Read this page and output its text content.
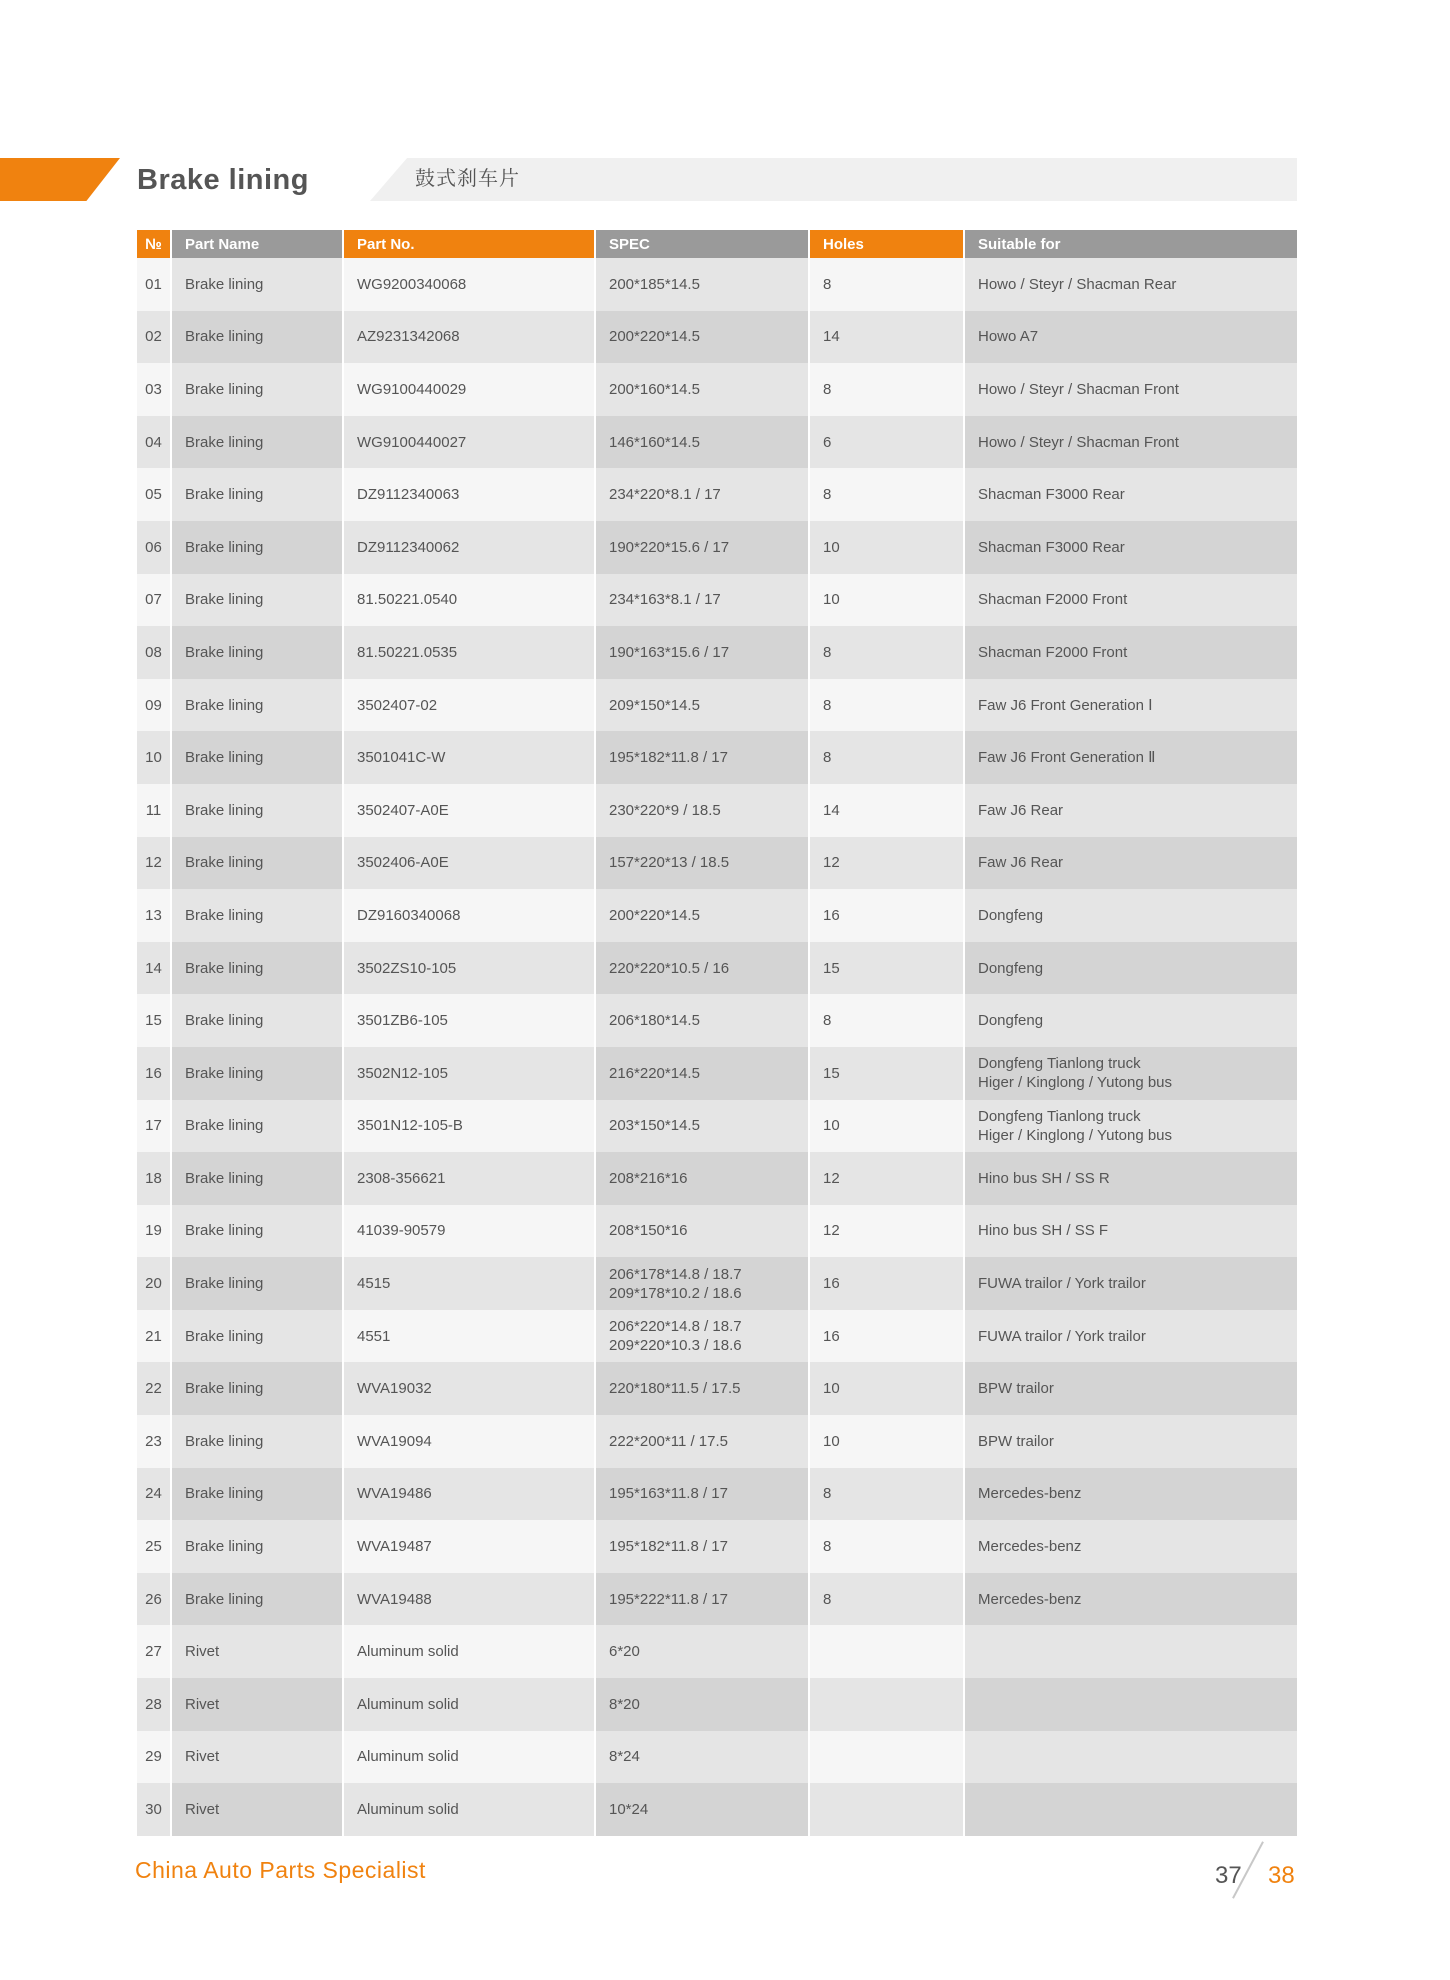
Brake lining	鼓式刹车片
№	Part Name	Part No.	SPEC	Holes	Suitable for
01	Brake lining	WG9200340068	200*185*14.5	8	Howo / Steyr / Shacman Rear

02	Brake lining	AZ9231342068	200*220*14.5	14	Howo A7

03	Brake lining	WG9100440029	200*160*14.5	8	Howo / Steyr / Shacman Front

04	Brake lining	WG9100440027	146*160*14.5	6	Howo / Steyr / Shacman Front

05	Brake lining	DZ9112340063	234*220*8.1 / 17	8	Shacman F3000 Rear

06	Brake lining	DZ9112340062	190*220*15.6 / 17	10	Shacman F3000 Rear

07	Brake lining	81.50221.0540	234*163*8.1 / 17	10	Shacman F2000 Front

08	Brake lining	81.50221.0535	190*163*15.6 / 17	8	Shacman F2000 Front

09	Brake lining	3502407-02	209*150*14.5	8	Faw J6 Front Generation Ⅰ

10	Brake lining	3501041C-W	195*182*11.8 / 17	8	Faw J6 Front Generation Ⅱ

11	Brake lining	3502407-A0E	230*220*9 / 18.5	14	Faw J6 Rear

12	Brake lining	3502406-A0E	157*220*13 / 18.5	12	Faw J6 Rear

13	Brake lining	DZ9160340068	200*220*14.5	16	Dongfeng

14	Brake lining	3502ZS10-105	220*220*10.5 / 16	15	Dongfeng

15	Brake lining	3501ZB6-105	206*180*14.5	8	Dongfeng

16	Brake lining	3502N12-105	216*220*14.5	15	Dongfeng Tianlong truck
Higer / Kinglong / Yutong bus

17	Brake lining	3501N12-105-B	203*150*14.5	10	Dongfeng Tianlong truck
Higer / Kinglong / Yutong bus

18	Brake lining	2308-356621	208*216*16	12	Hino bus SH / SS R

19	Brake lining	41039-90579	208*150*16	12	Hino bus SH / SS F

20	Brake lining	4515	206*178*14.8 / 18.7
209*178*10.2 / 18.6	16	FUWA trailor / York trailor

21	Brake lining	4551	206*220*14.8 / 18.7
209*220*10.3 / 18.6	16	FUWA trailor / York trailor

22	Brake lining	WVA19032	220*180*11.5 / 17.5	10	BPW trailor

23	Brake lining	WVA19094	222*200*11 / 17.5	10	BPW trailor

24	Brake lining	WVA19486	195*163*11.8 / 17	8	Mercedes-benz

25	Brake lining	WVA19487	195*182*11.8 / 17	8	Mercedes-benz

26	Brake lining	WVA19488	195*222*11.8 / 17	8	Mercedes-benz

27	Rivet	Aluminum solid	6*20		

28	Rivet	Aluminum solid	8*20		

29	Rivet	Aluminum solid	8*24		

30	Rivet	Aluminum solid	10*24		

China Auto Parts Specialist	37 38
